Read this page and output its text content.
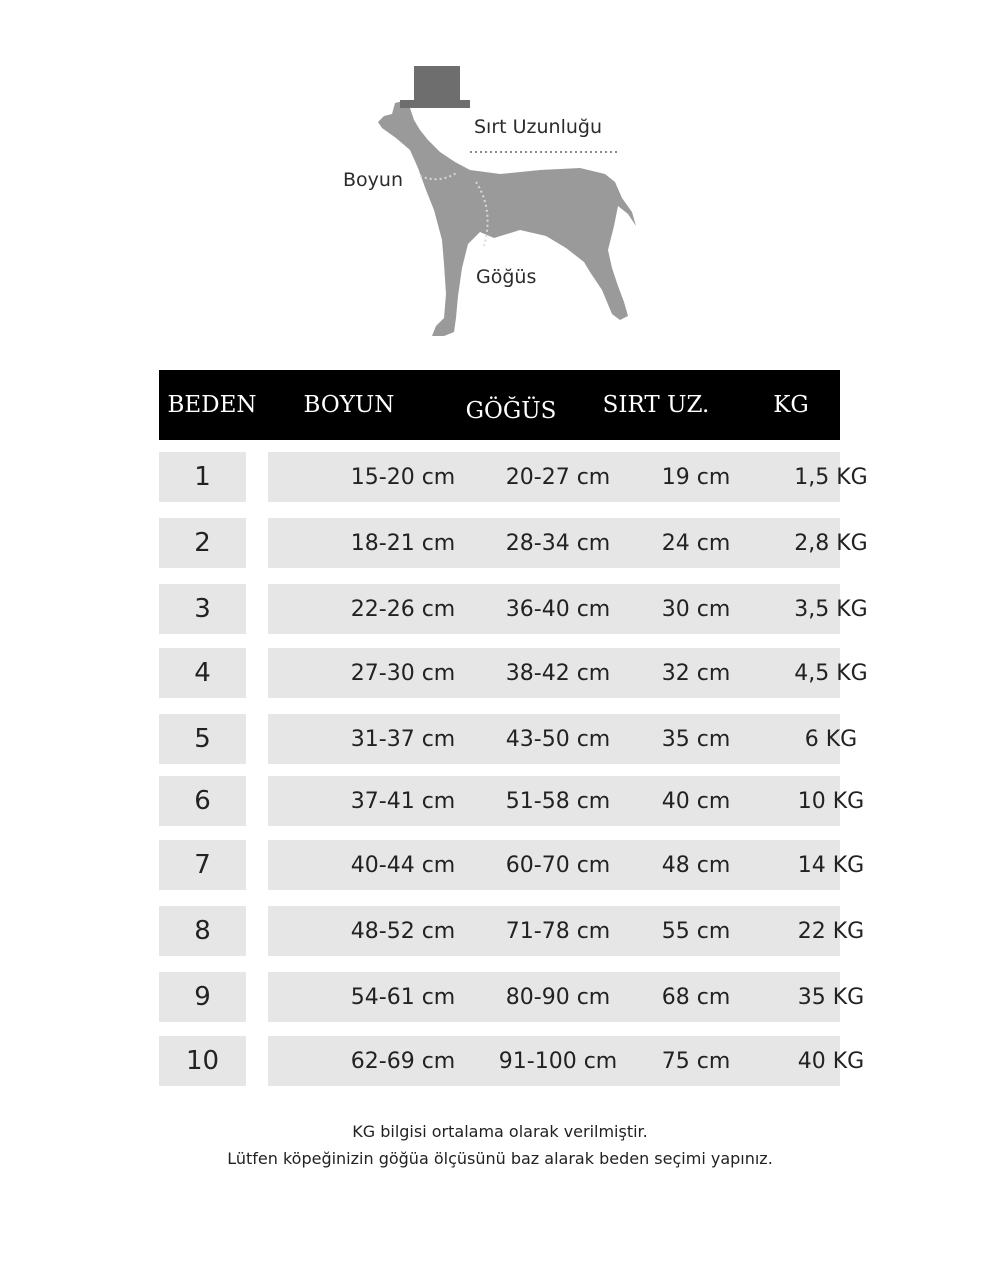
Sırt Uzunluğu
Boyun
Göğüs
BEDEN BOYUN	GÖĞÜS SIRT UZ.	KG
1	15-20 cm 20-27 cm 19 cm	1,5 KG
2	18-21 cm 28-34 cm 24 cm	2,8 KG
3	22-26 cm 36-40 cm 30 cm	3,5 KG
4	27-30 cm 38-42 cm 32 cm	4,5 KG
5	31-37 cm 43-50 cm 35 cm	6 KG
6	37-41 cm 51-58 cm 40 cm	10 KG
7	40-44 cm 60-70 cm 48 cm	14 KG
8	48-52 cm 71-78 cm 55 cm	22 KG
9	54-61 cm 80-90 cm 68 cm	35 KG
10	62-69 cm 91-100 cm 75 cm	40 KG
KG bilgisi ortalama olarak verilmiştir.
Lütfen köpeğinizin göğüa ölçüsünü baz alarak beden seçimi yapınız.
